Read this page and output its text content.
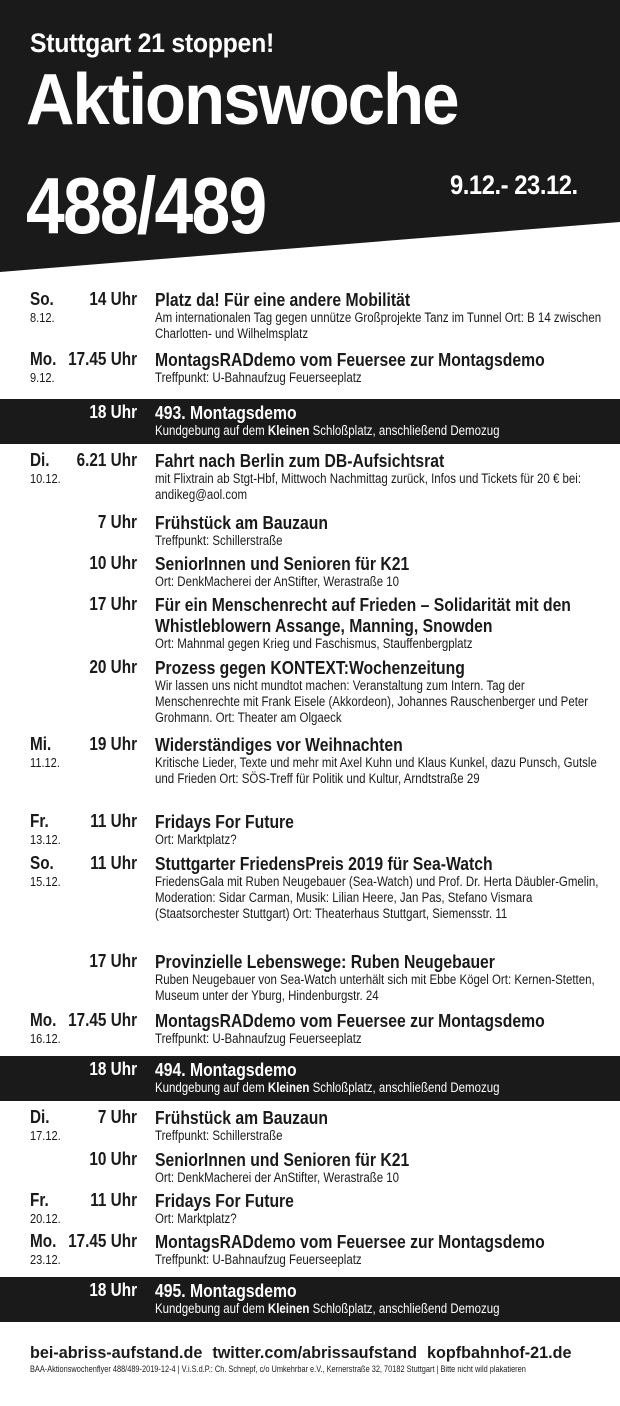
Stuttgart 21 stoppen!
Aktionswoche
488/489	9.12.- 23.12.
So.
8.12.
14 Uhr Platz da! Für eine andere Mobilität
Am internationalen Tag gegen unnütze Großprojekte Tanz im Tunnel Ort: B 14 zwischen Charlotten- und Wilhelmsplatz
Mo.
9.12.
17.45 Uhr MontagsRADdemo vom Feuersee zur Montagsdemo
Treffpunkt: U-Bahnaufzug Feuerseeplatz
18 Uhr 493. Montagsdemo
Kundgebung auf dem Kleinen Schloßplatz, anschließend Demozug
Di.
10.12.
6.21 Uhr Fahrt nach Berlin zum DB-Aufsichtsrat
mit Flixtrain ab Stgt-Hbf, Mittwoch Nachmittag zurück, Infos und Tickets für 20 € bei: andikeg@aol.com
7 Uhr Frühstück am Bauzaun
Treffpunkt: Schillerstraße
10 Uhr SeniorInnen und Senioren für K21
Ort: DenkMacherei der AnStifter, Werastraße 10
17 Uhr Für ein Menschenrecht auf Frieden – Solidarität mit den Whistleblowern Assange, Manning, Snowden
Ort: Mahnmal gegen Krieg und Faschismus, Stauffenbergplatz
20 Uhr Prozess gegen KONTEXT:Wochenzeitung
Wir lassen uns nicht mundtot machen: Veranstaltung zum Intern. Tag der Menschenrechte mit Frank Eisele (Akkordeon), Johannes Rauschenberger und Peter Grohmann. Ort: Theater am Olgaeck
Mi.
11.12.
19 Uhr Widerständiges vor Weihnachten
Kritische Lieder, Texte und mehr mit Axel Kuhn und Klaus Kunkel, dazu Punsch, Gutsle und Frieden Ort: SÖS-Treff für Politik und Kultur, Arndtstraße 29
Fr.
13.12.
11 Uhr Fridays For Future
Ort: Marktplatz?
So.
15.12.
11 Uhr Stuttgarter FriedensPreis 2019 für Sea-Watch
FriedensGala mit Ruben Neugebauer (Sea-Watch) und Prof. Dr. Herta Däubler-Gmelin, Moderation: Sidar Carman, Musik: Lilian Heere, Jan Pas, Stefano Vismara (Staatsorchester Stuttgart) Ort: Theaterhaus Stuttgart, Siemensstr. 11
17 Uhr Provinzielle Lebenswege: Ruben Neugebauer
Ruben Neugebauer von Sea-Watch unterhält sich mit Ebbe Kögel Ort: Kernen-Stetten, Museum unter der Yburg, Hindenburgstr. 24
Mo.
16.12.
17.45 Uhr MontagsRADdemo vom Feuersee zur Montagsdemo
Treffpunkt: U-Bahnaufzug Feuerseeplatz
18 Uhr 494. Montagsdemo
Kundgebung auf dem Kleinen Schloßplatz, anschließend Demozug
Di.
17.12.
7 Uhr Frühstück am Bauzaun
Treffpunkt: Schillerstraße
10 Uhr SeniorInnen und Senioren für K21
Ort: DenkMacherei der AnStifter, Werastraße 10
Fr.
20.12.
11 Uhr Fridays For Future
Ort: Marktplatz?
Mo.
23.12.
17.45 Uhr MontagsRADdemo vom Feuersee zur Montagsdemo
Treffpunkt: U-Bahnaufzug Feuerseeplatz
18 Uhr 495. Montagsdemo
Kundgebung auf dem Kleinen Schloßplatz, anschließend Demozug
bei-abriss-aufstand.de twitter.com/abrissaufstand kopfbahnhof-21.de
BAA-Aktionswochenflyer 488/489-2019-12-4 | V.i.S.d.P.: Ch. Schnepf, c/o Umkehrbar e.V., Kernerstraße 32, 70182 Stuttgart | Bitte nicht wild plakatieren
